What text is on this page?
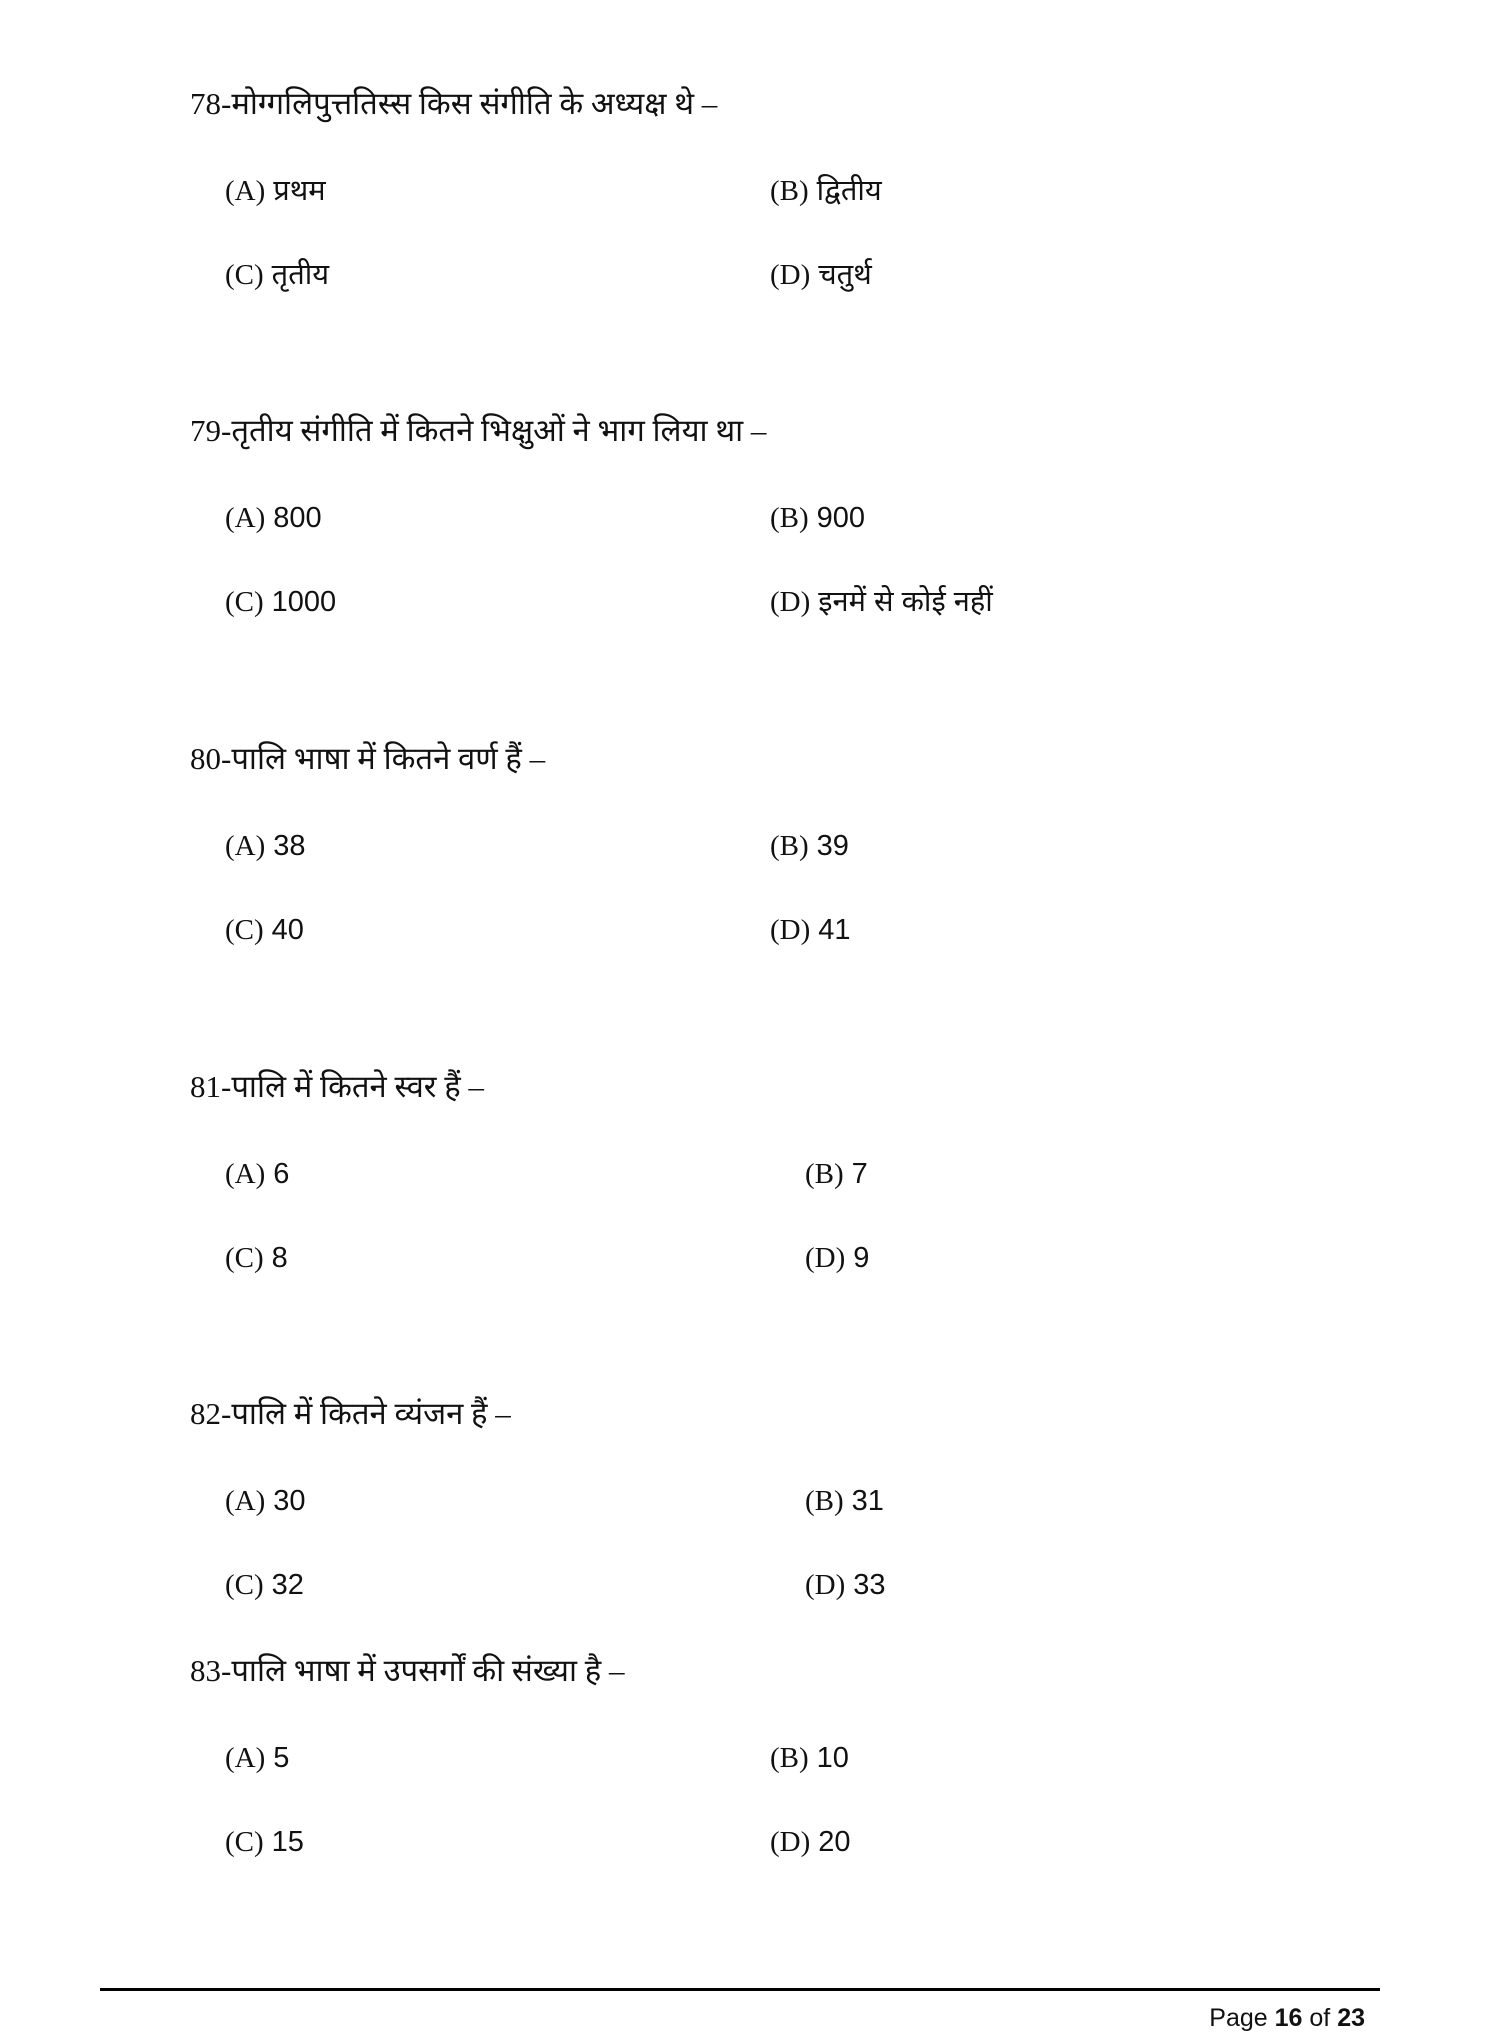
78-मोग्गलिपुत्ततिस्स किस संगीति के अध्यक्ष थे –
(A) प्रथम	(B) द्वितीय
(C) तृतीय	(D) चतुर्थ
79-तृतीय संगीति में कितने भिक्षुओं ने भाग लिया था –
(A) 800	(B) 900
(C) 1000	(D) इनमें से कोई नहीं
80-पालि भाषा में कितने वर्ण हैं –
(A) 38	(B) 39
(C) 40	(D) 41
81-पालि में कितने स्वर हैं –
(A) 6	(B) 7
(C) 8	(D) 9
82-पालि में कितने व्यंजन हैं –
(A) 30	(B) 31
(C) 32	(D) 33
83-पालि भाषा में उपसर्गों की संख्या है –
(A) 5	(B) 10
(C) 15	(D) 20
Page 16 of 23
